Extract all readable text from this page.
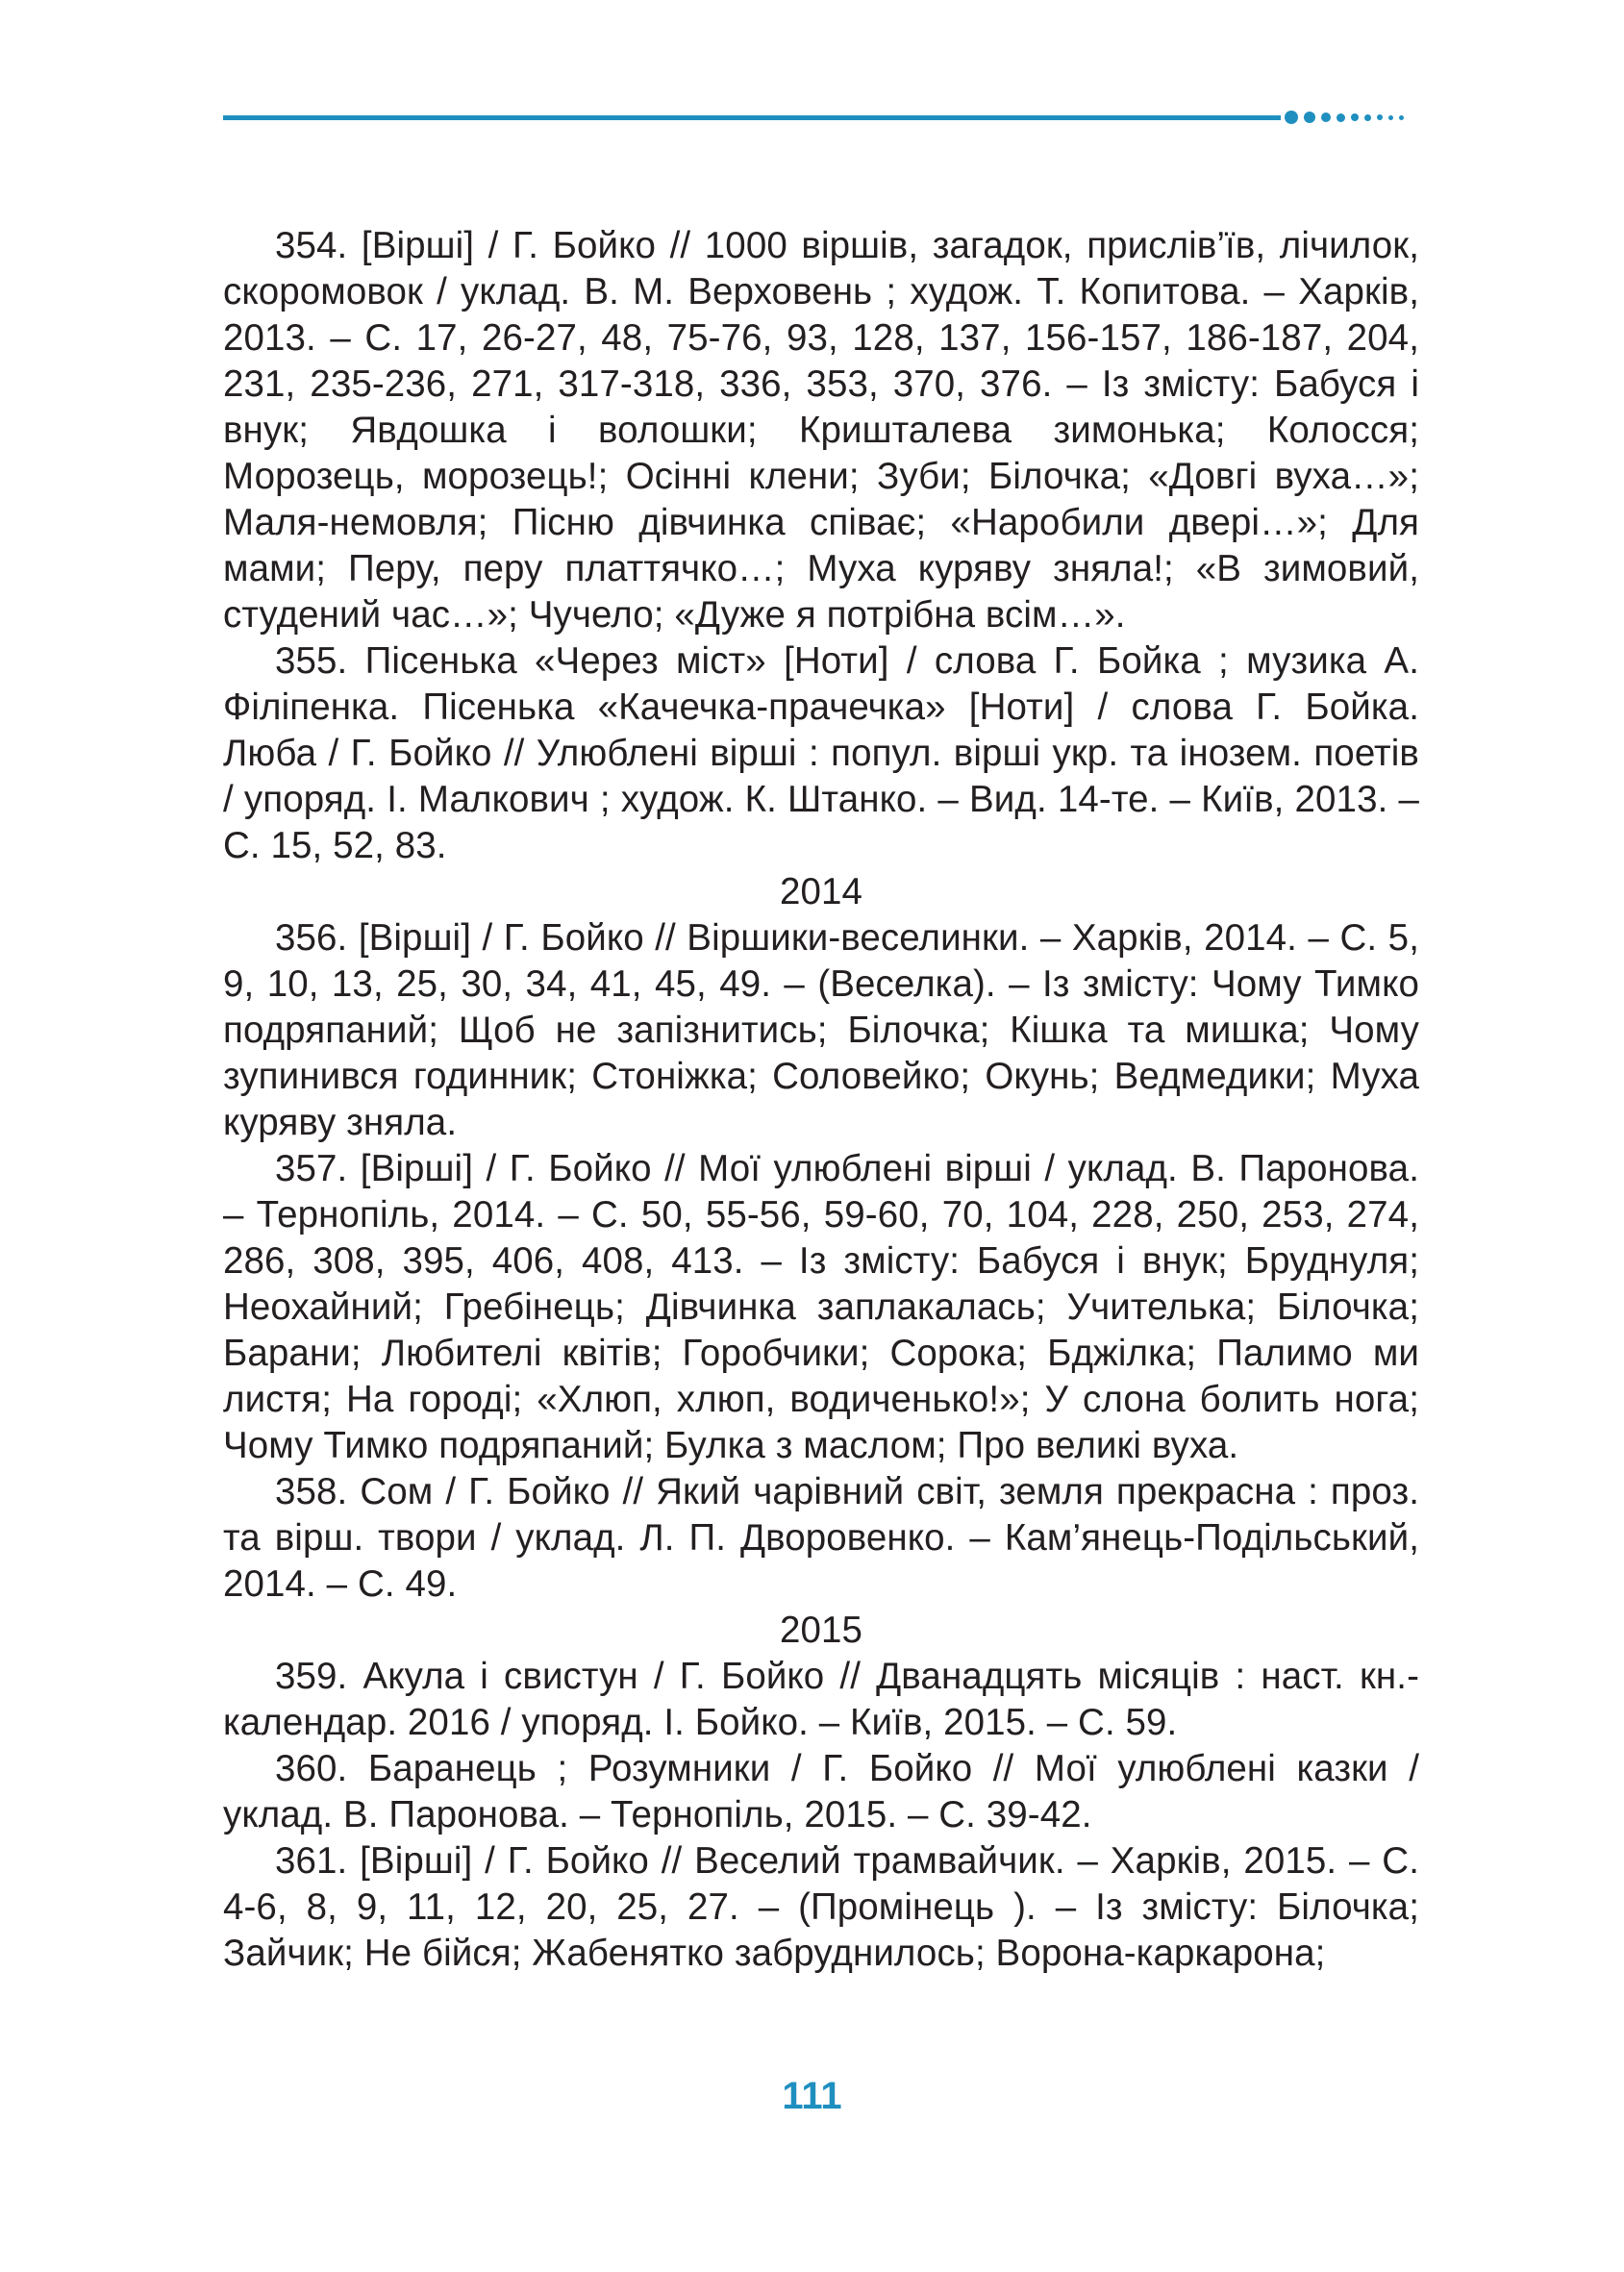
354. [Вірші] / Г. Бойко // 1000 віршів, загадок, прислів’їв, лічилок, скоромовок / уклад. В. М. Верховень ; худож. Т. Копитова. – Харків, 2013. – С. 17, 26-27, 48, 75-76, 93, 128, 137, 156-157, 186-187, 204, 231, 235-236, 271, 317-318, 336, 353, 370, 376. – Із змісту: Бабуся і внук; Явдошка і волошки; Кришталева зимонька; Колосся; Морозець, морозець!; Осінні клени; Зуби; Білочка; «Довгі вуха…»; Маля-немовля; Пісню дівчинка співає; «Наробили двері…»; Для мами; Перу, перу платтячко…; Муха куряву зняла!; «В зимовий, студений час…»; Чучело; «Дуже я потрібна всім…».

355. Пісенька «Через міст» [Ноти] / слова Г. Бойка ; музика А. Філіпенка. Пісенька «Качечка-прачечка» [Ноти] / слова Г. Бойка. Люба / Г. Бойко // Улюблені вірші : попул. вірші укр. та інозем. поетів / упоряд. І. Малкович ; худож. К. Штанко. – Вид. 14-те. – Київ, 2013. – С. 15, 52, 83.

2014

356. [Вірші] / Г. Бойко // Віршики-веселинки. – Харків, 2014. – С. 5, 9, 10, 13, 25, 30, 34, 41, 45, 49. – (Веселка). – Із змісту: Чому Тимко подряпаний; Щоб не запізнитись; Білочка; Кішка та мишка; Чому зупинився годинник; Стоніжка; Соловейко; Окунь; Ведмедики; Муха куряву зняла.

357. [Вірші] / Г. Бойко // Мої улюблені вірші / уклад. В. Паронова. – Тернопіль, 2014. – С. 50, 55-56, 59-60, 70, 104, 228, 250, 253, 274, 286, 308, 395, 406, 408, 413. – Із змісту: Бабуся і внук; Бруднуля; Неохайний; Гребінець; Дівчинка заплакалась; Учителька; Білочка; Барани; Любителі квітів; Горобчики; Сорока; Бджілка; Палимо ми листя; На городі; «Хлюп, хлюп, водиченько!»; У слона болить нога; Чому Тимко подряпаний; Булка з маслом; Про великі вуха.

358. Сом / Г. Бойко // Який чарівний світ, земля прекрасна : проз. та вірш. твори / уклад. Л. П. Дворовенко. – Кам’янець-Подільський, 2014. – С. 49.

2015

359. Акула і свистун / Г. Бойко // Дванадцять місяців : наст. кн.-календар. 2016 / упоряд. І. Бойко. – Київ, 2015. – С. 59.

360. Баранець ; Розумники / Г. Бойко // Мої улюблені казки / уклад. В. Паронова. – Тернопіль, 2015. – С. 39-42.

361. [Вірші] / Г. Бойко // Веселий трамвайчик. – Харків, 2015. – С. 4-6, 8, 9, 11, 12, 20, 25, 27. – (Промінець ). – Із змісту: Білочка; Зайчик; Не бійся; Жабенятко забруднилось; Ворона-каркарона;

111
